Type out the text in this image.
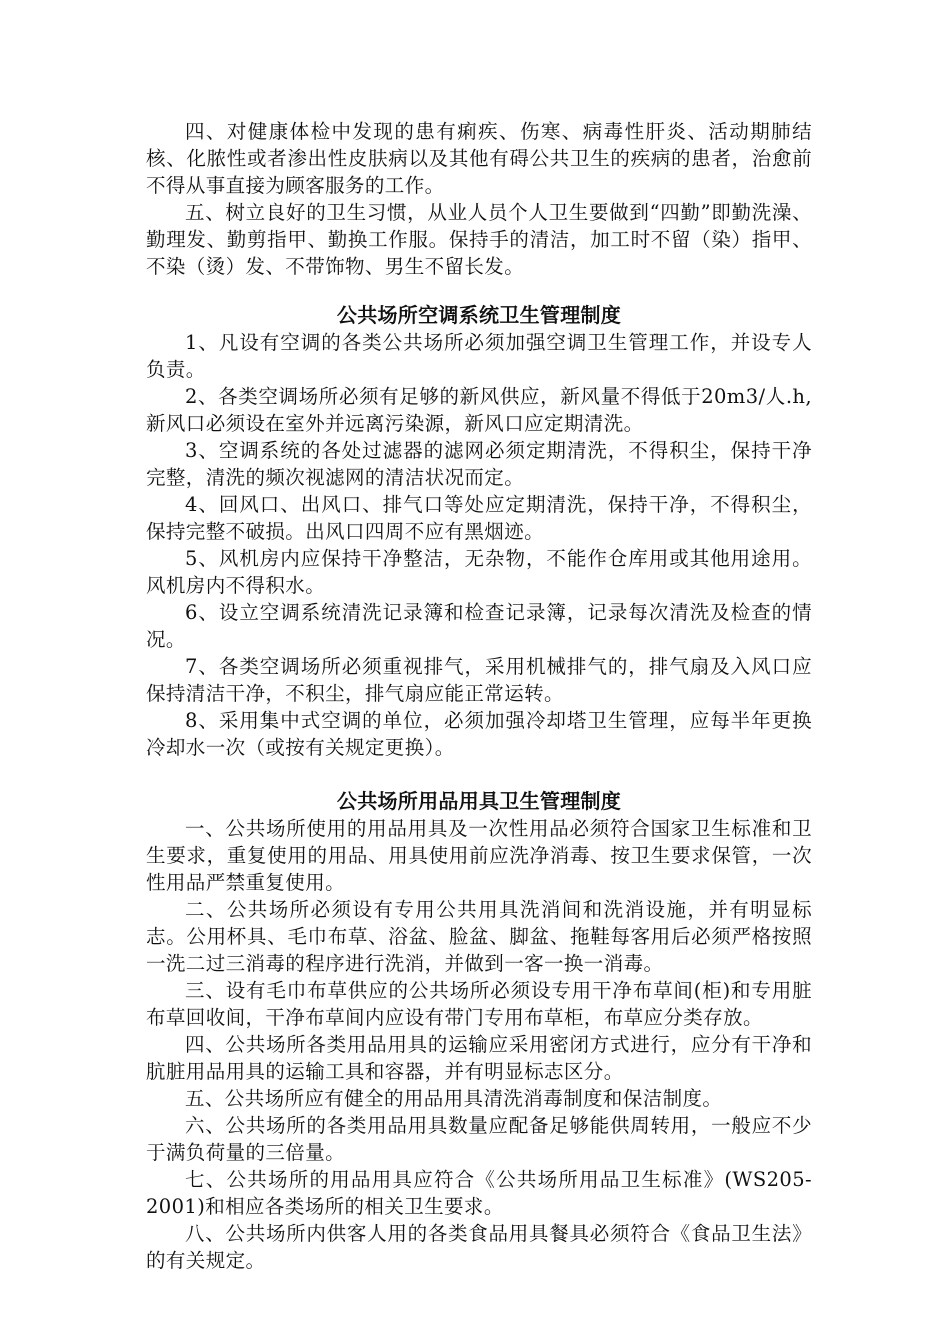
四、对健康体检中发现的患有痢疾、伤寒、病毒性肝炎、活动期肺结核、化脓性或者渗出性皮肤病以及其他有碍公共卫生的疾病的患者，治愈前不得从事直接为顾客服务的工作。

五、树立良好的卫生习惯，从业人员个人卫生要做到“四勤”即勤洗澡、勤理发、勤剪指甲、勤换工作服。保持手的清洁，加工时不留（染）指甲、不染（烫）发、不带饰物、男生不留长发。

公共场所空调系统卫生管理制度

1、凡设有空调的各类公共场所必须加强空调卫生管理工作，并设专人负责。

2、各类空调场所必须有足够的新风供应，新风量不得低于20m3/人.h,新风口必须设在室外并远离污染源，新风口应定期清洗。

3、空调系统的各处过滤器的滤网必须定期清洗，不得积尘，保持干净完整，清洗的频次视滤网的清洁状况而定。

4、回风口、出风口、排气口等处应定期清洗，保持干净，不得积尘，保持完整不破损。出风口四周不应有黑烟迹。

5、风机房内应保持干净整洁，无杂物，不能作仓库用或其他用途用。风机房内不得积水。

6、设立空调系统清洗记录簿和检查记录簿，记录每次清洗及检查的情况。

7、各类空调场所必须重视排气，采用机械排气的，排气扇及入风口应保持清洁干净，不积尘，排气扇应能正常运转。

8、采用集中式空调的单位，必须加强冷却塔卫生管理，应每半年更换冷却水一次（或按有关规定更换）。

公共场所用品用具卫生管理制度

一、公共场所使用的用品用具及一次性用品必须符合国家卫生标准和卫生要求，重复使用的用品、用具使用前应洗净消毒、按卫生要求保管，一次性用品严禁重复使用。

二、公共场所必须设有专用公共用具洗消间和洗消设施，并有明显标志。公用杯具、毛巾布草、浴盆、脸盆、脚盆、拖鞋每客用后必须严格按照一洗二过三消毒的程序进行洗消，并做到一客一换一消毒。

三、设有毛巾布草供应的公共场所必须设专用干净布草间(柜)和专用脏布草回收间，干净布草间内应设有带门专用布草柜，布草应分类存放。

四、公共场所各类用品用具的运输应采用密闭方式进行，应分有干净和肮脏用品用具的运输工具和容器，并有明显标志区分。

五、公共场所应有健全的用品用具清洗消毒制度和保洁制度。

六、公共场所的各类用品用具数量应配备足够能供周转用，一般应不少于满负荷量的三倍量。

七、公共场所的用品用具应符合《公共场所用品卫生标准》(WS205-2001)和相应各类场所的相关卫生要求。

八、公共场所内供客人用的各类食品用具餐具必须符合《食品卫生法》的有关规定。
